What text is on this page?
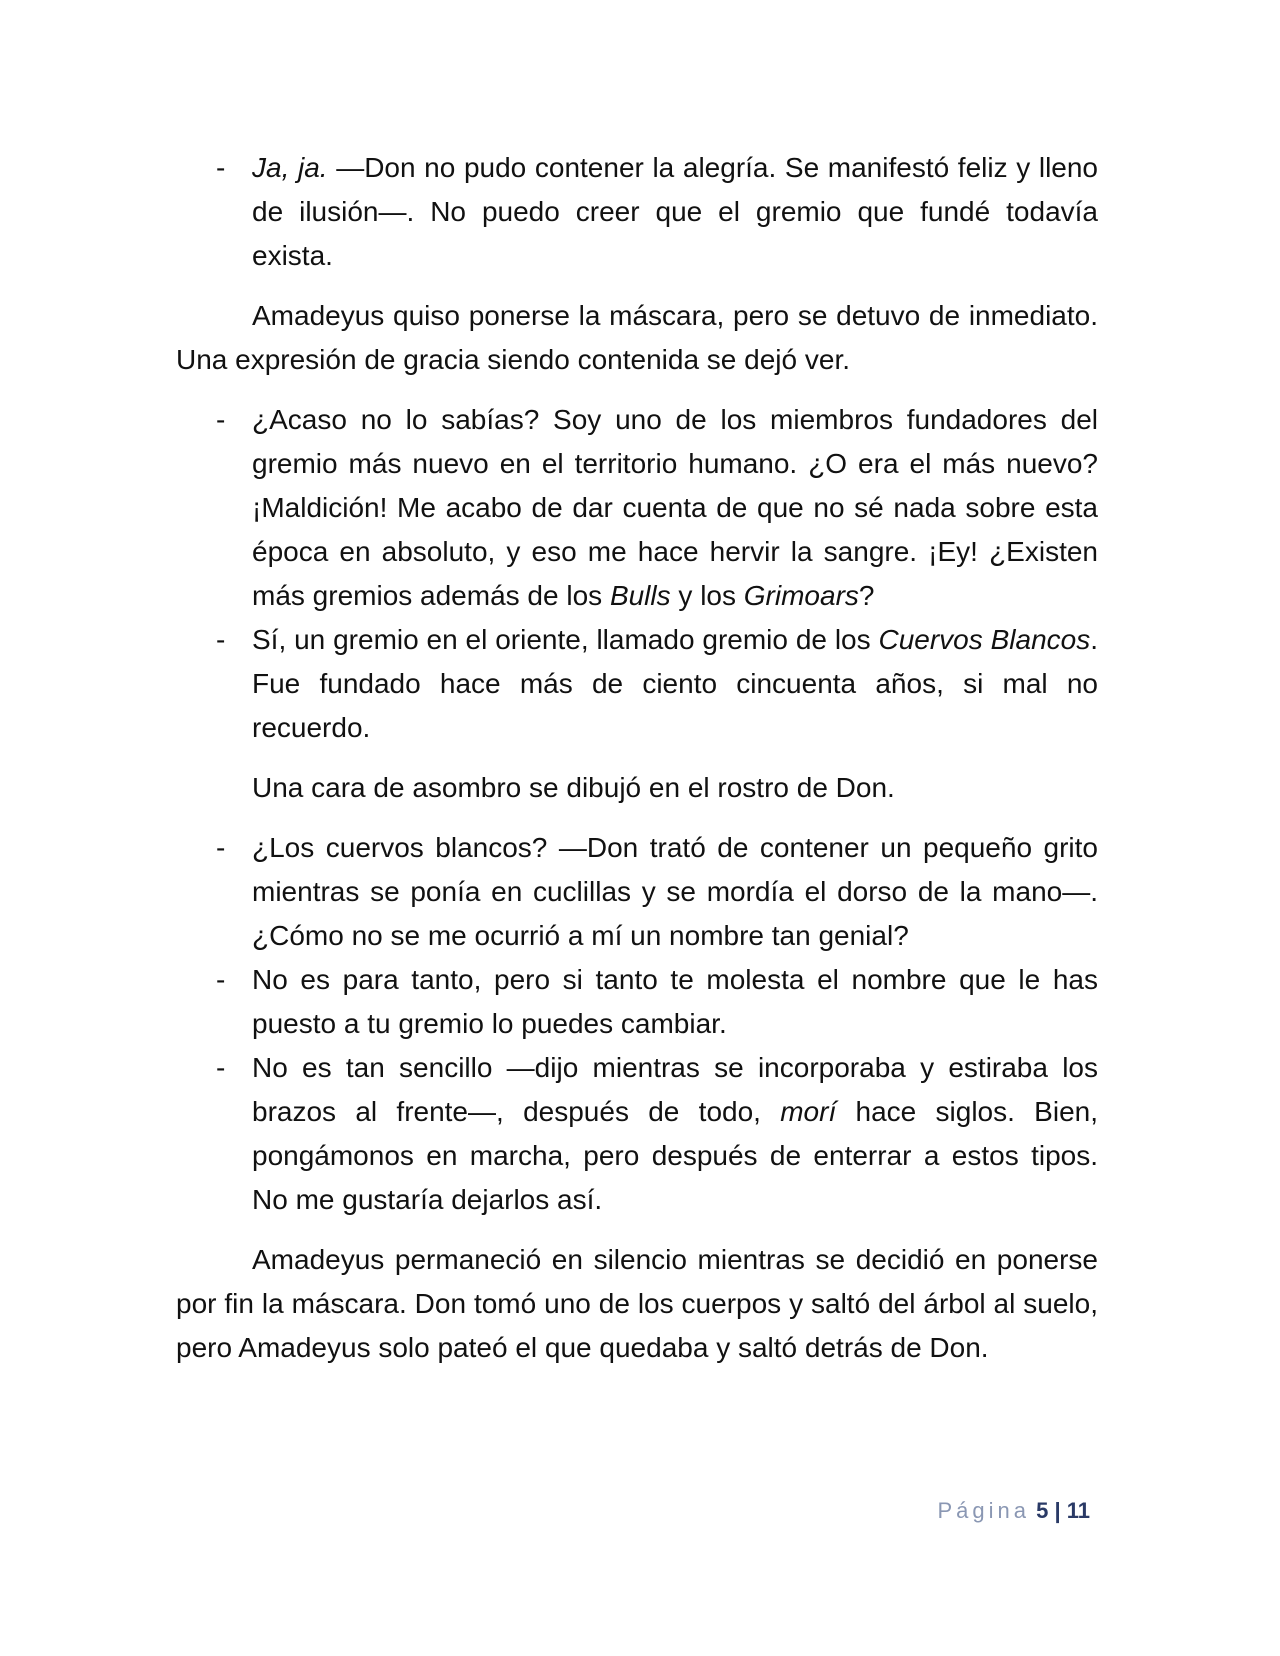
- Ja, ja. —Don no pudo contener la alegría. Se manifestó feliz y lleno de ilusión—. No puedo creer que el gremio que fundé todavía exista.

Amadeyus quiso ponerse la máscara, pero se detuvo de inmediato. Una expresión de gracia siendo contenida se dejó ver.

- ¿Acaso no lo sabías? Soy uno de los miembros fundadores del gremio más nuevo en el territorio humano. ¿O era el más nuevo? ¡Maldición! Me acabo de dar cuenta de que no sé nada sobre esta época en absoluto, y eso me hace hervir la sangre. ¡Ey! ¿Existen más gremios además de los Bulls y los Grimoars?
- Sí, un gremio en el oriente, llamado gremio de los Cuervos Blancos. Fue fundado hace más de ciento cincuenta años, si mal no recuerdo.

Una cara de asombro se dibujó en el rostro de Don.

- ¿Los cuervos blancos? —Don trató de contener un pequeño grito mientras se ponía en cuclillas y se mordía el dorso de la mano—. ¿Cómo no se me ocurrió a mí un nombre tan genial?
- No es para tanto, pero si tanto te molesta el nombre que le has puesto a tu gremio lo puedes cambiar.
- No es tan sencillo —dijo mientras se incorporaba y estiraba los brazos al frente—, después de todo, morí hace siglos. Bien, pongámonos en marcha, pero después de enterrar a estos tipos. No me gustaría dejarlos así.

Amadeyus permaneció en silencio mientras se decidió en ponerse por fin la máscara. Don tomó uno de los cuerpos y saltó del árbol al suelo, pero Amadeyus solo pateó el que quedaba y saltó detrás de Don.

Página 5 | 11
